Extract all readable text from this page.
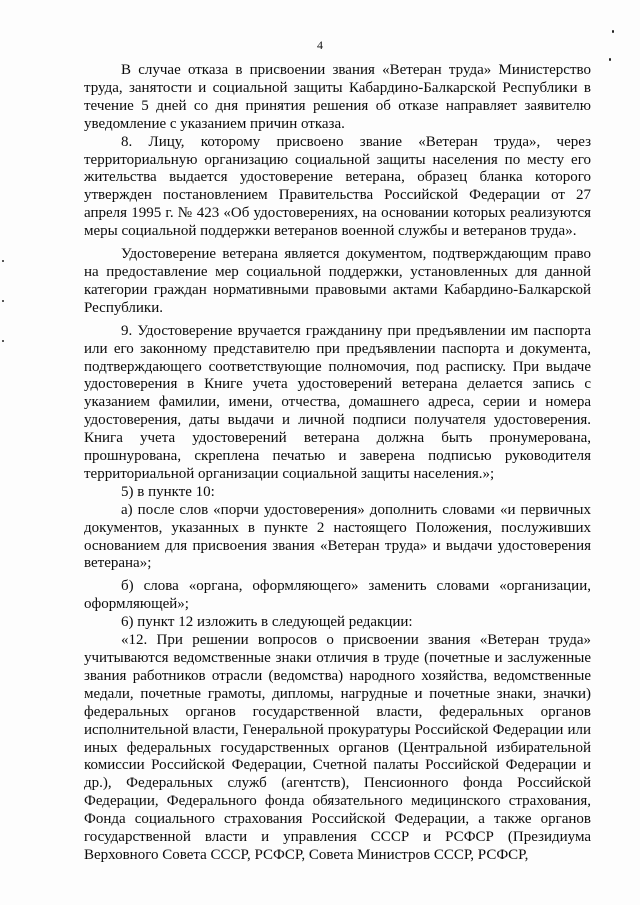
4

В случае отказа в присвоении звания «Ветеран труда» Министерство труда, занятости и социальной защиты Кабардино-Балкарской Республики в течение 5 дней со дня принятия решения об отказе направляет заявителю уведомление с указанием причин отказа.

8. Лицу, которому присвоено звание «Ветеран труда», через территориальную организацию социальной защиты населения по месту его жительства выдается удостоверение ветерана, образец бланка которого утвержден постановлением Правительства Российской Федерации от 27 апреля 1995 г. № 423 «Об удостоверениях, на основании которых реализуются меры социальной поддержки ветеранов военной службы и ветеранов труда».

Удостоверение ветерана является документом, подтверждающим право на предоставление мер социальной поддержки, установленных для данной категории граждан нормативными правовыми актами Кабардино-Балкарской Республики.

9. Удостоверение вручается гражданину при предъявлении им паспорта или его законному представителю при предъявлении паспорта и документа, подтверждающего соответствующие полномочия, под расписку. При выдаче удостоверения в Книге учета удостоверений ветерана делается запись с указанием фамилии, имени, отчества, домашнего адреса, серии и номера удостоверения, даты выдачи и личной подписи получателя удостоверения. Книга учета удостоверений ветерана должна быть пронумерована, прошнурована, скреплена печатью и заверена подписью руководителя территориальной организации социальной защиты населения.»;

5) в пункте 10:

а) после слов «порчи удостоверения» дополнить словами «и первичных документов, указанных в пункте 2 настоящего Положения, послуживших основанием для присвоения звания «Ветеран труда» и выдачи удостоверения ветерана»;

б) слова «органа, оформляющего» заменить словами «организации, оформляющей»;

6) пункт 12 изложить в следующей редакции:

«12. При решении вопросов о присвоении звания «Ветеран труда» учитываются ведомственные знаки отличия в труде (почетные и заслуженные звания работников отрасли (ведомства) народного хозяйства, ведомственные медали, почетные грамоты, дипломы, нагрудные и почетные знаки, значки) федеральных органов государственной власти, федеральных органов исполнительной власти, Генеральной прокуратуры Российской Федерации или иных федеральных государственных органов (Центральной избирательной комиссии Российской Федерации, Счетной палаты Российской Федерации и др.), Федеральных служб (агентств), Пенсионного фонда Российской Федерации, Федерального фонда обязательного медицинского страхования, Фонда социального страхования Российской Федерации, а также органов государственной власти и управления СССР и РСФСР (Президиума Верховного Совета СССР, РСФСР, Совета Министров СССР, РСФСР,
